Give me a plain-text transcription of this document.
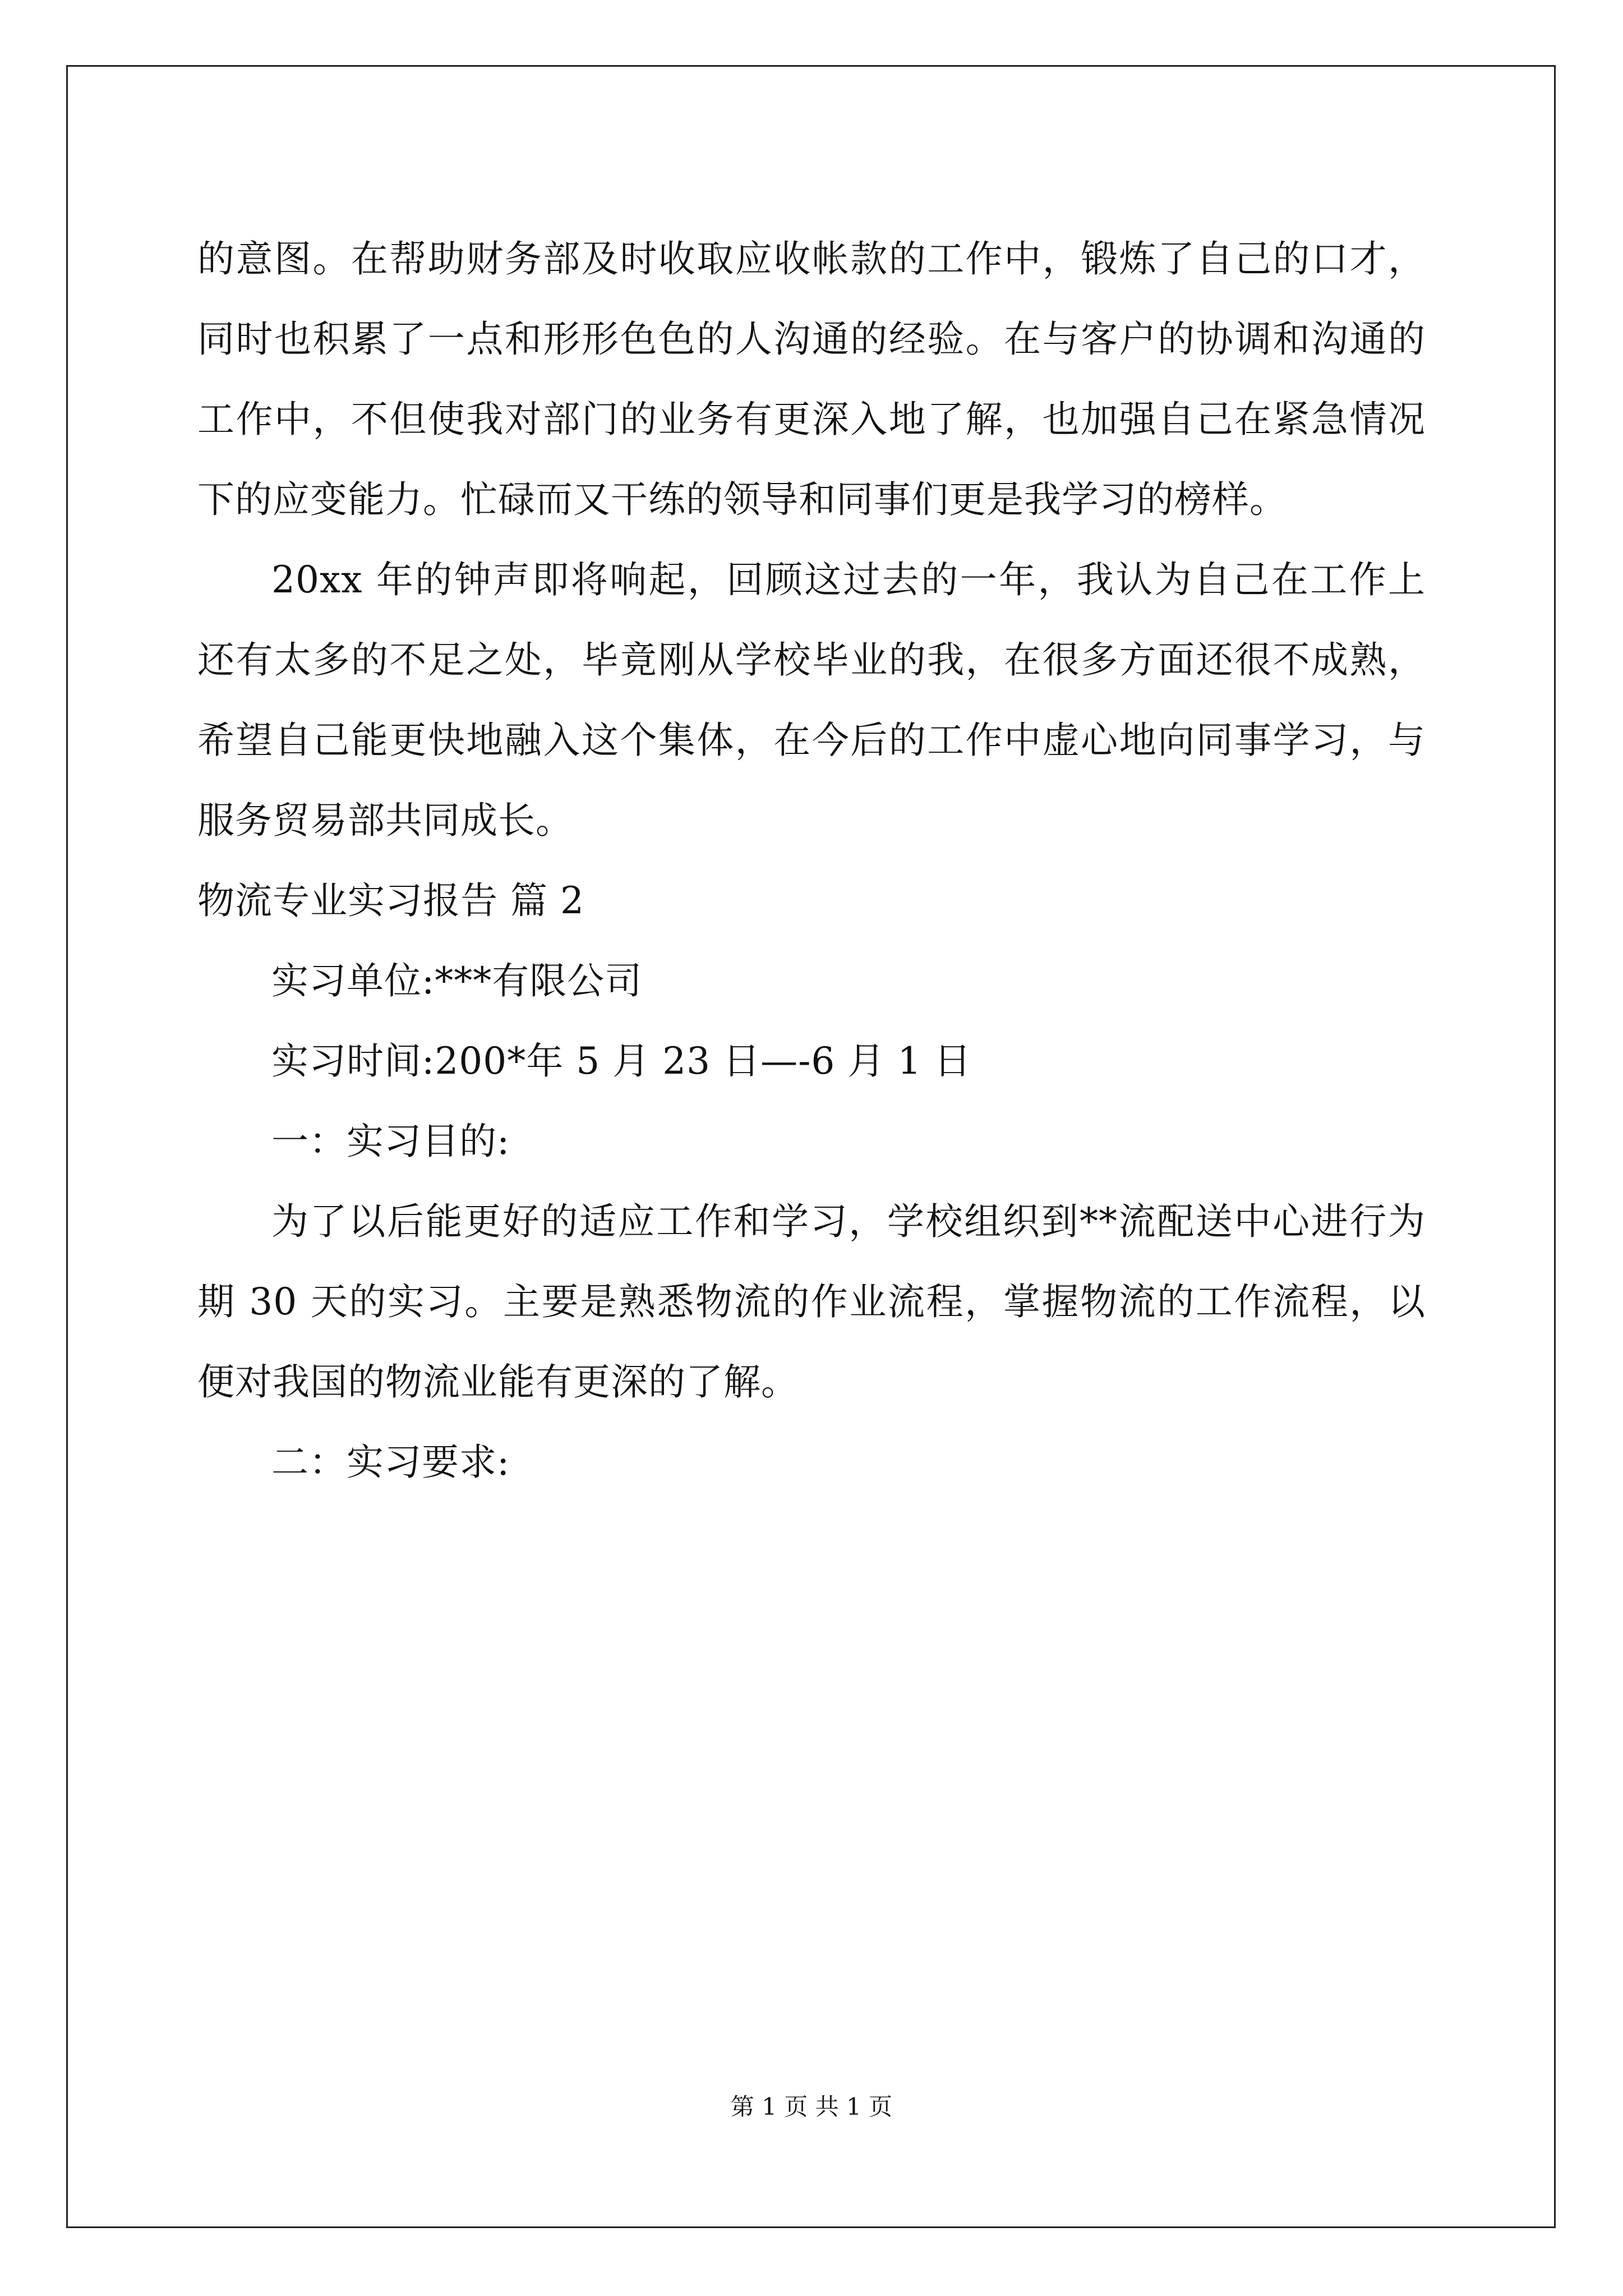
的意图。在帮助财务部及时收取应收帐款的工作中，锻炼了自己的口才，同时也积累了一点和形形色色的人沟通的经验。在与客户的协调和沟通的工作中，不但使我对部门的业务有更深入地了解，也加强自己在紧急情况下的应变能力。忙碌而又干练的领导和同事们更是我学习的榜样。

20xx 年的钟声即将响起，回顾这过去的一年，我认为自己在工作上还有太多的不足之处，毕竟刚从学校毕业的我，在很多方面还很不成熟，希望自己能更快地融入这个集体，在今后的工作中虚心地向同事学习，与服务贸易部共同成长。

物流专业实习报告 篇 2

实习单位:***有限公司

实习时间:200*年 5 月 23 日—-6 月 1 日

一：实习目的:

为了以后能更好的适应工作和学习，学校组织到**流配送中心进行为期 30 天的实习。主要是熟悉物流的作业流程，掌握物流的工作流程，以便对我国的物流业能有更深的了解。

二：实习要求:

第 1 页 共 1 页
